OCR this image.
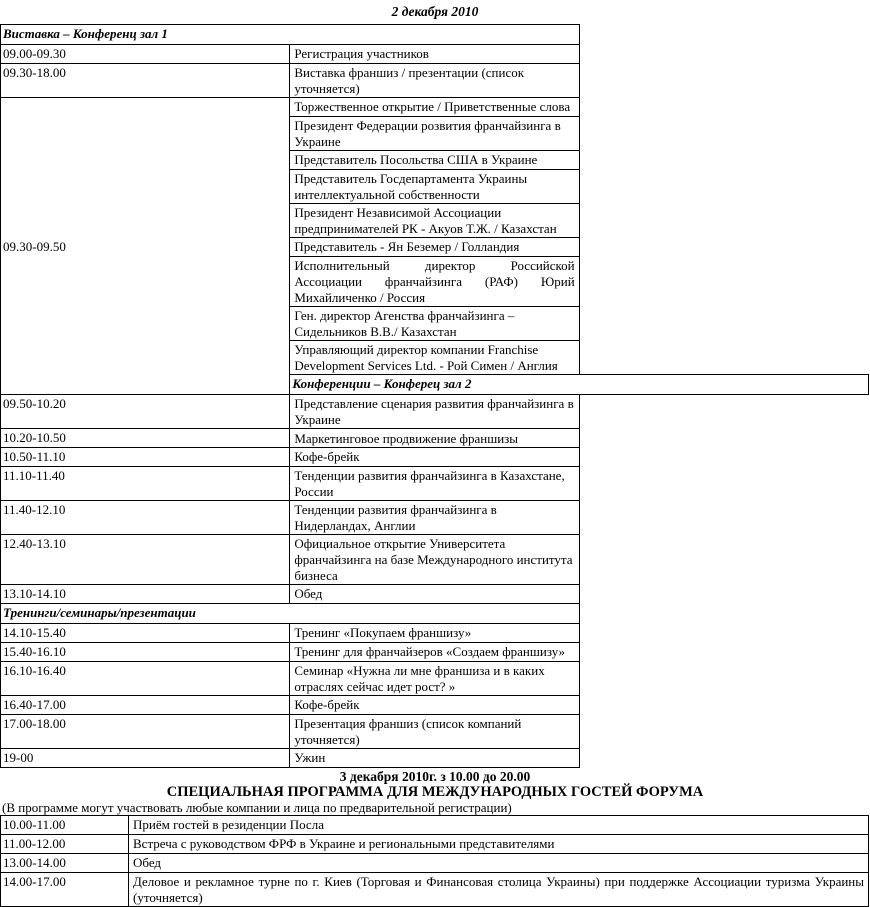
2 декабря 2010
Виставка – Конференц зал 1	
09.00-09.30	Регистрация участников
09.30-18.00	Виставка франшиз / презентации (список уточняется)
09.30-09.50	Торжественное открытие / Приветственные слова
	Президент Федерации розвития франчайзинга в Украине
	Представитель Посольства США в Украине
	Представитель Госдепартамента Украины интеллектуальной собственности
	Президент Независимой Ассоциации предпринимателей РК - Акуов Т.Ж. / Казахстан
	Представитель - Ян Беземер / Голландия
	Исполнительный директор Российской Ассоциации франчайзинга (РАФ) Юрий Михайличенко / Россия
	Ген. директор Агенства франчайзинга – Сидельников В.В./ Казахстан
	Управляющий директор компании Franchise Development Services Ltd. - Рой Симен / Англия
	Конференции – Конферец зал 2
09.50-10.20	Представление сценария развития франчайзинга в Украине
10.20-10.50	Маркетинговое продвижение франшизы
10.50-11.10	Кофе-брейк
11.10-11.40	Тенденции развития франчайзинга в Казахстане, России
11.40-12.10	Тенденции развития франчайзинга в Нидерландах, Англии
12.40-13.10	Официальное открытие Университета франчайзинга на базе Международного института бизнеса
13.10-14.10	Обед
Тренинги/семинары/презентации	
14.10-15.40	Тренинг «Покупаем франшизу»
15.40-16.10	Тренинг для франчайзеров «Создаем франшизу»
16.10-16.40	Семинар «Нужна ли мне франшиза и в каких отраслях сейчас идет рост? »
16.40-17.00	Кофе-брейк
17.00-18.00	Презентация франшиз (список компаний уточняется)
19-00	Ужин
3 декабря 2010г. з 10.00 до 20.00
СПЕЦИАЛЬНАЯ ПРОГРАММА ДЛЯ МЕЖДУНАРОДНЫХ ГОСТЕЙ ФОРУМА
(В программе могут участвовать любые компании и лица по предварительной регистрации)
10.00-11.00	Приём гостей в резиденции Посла
11.00-12.00	Встреча с руководством ФРФ в Украине и региональными представителями
13.00-14.00	Обед
14.00-17.00	Деловое и рекламное турне по г. Киев (Торговая и Финансовая столица Украины) при поддержке Ассоциации туризма Украины (уточняется)
